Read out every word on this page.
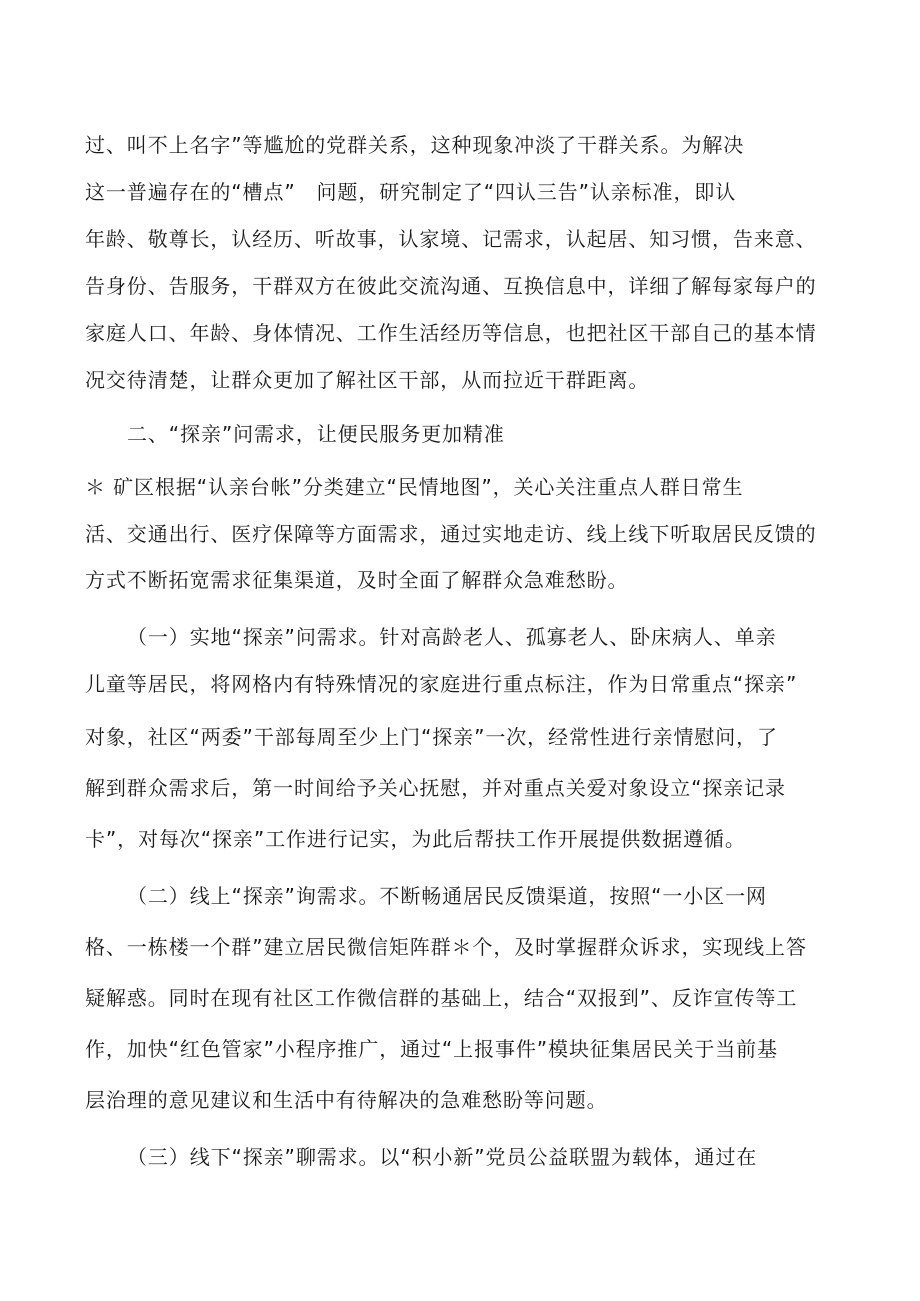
过、叫不上名字”等尴尬的党群关系，这种现象冲淡了干群关系。为解决
这一普遍存在的“槽点”　问题，研究制定了“四认三告”认亲标准，即认
年龄、敬尊长，认经历、听故事，认家境、记需求，认起居、知习惯，告来意、
告身份、告服务，干群双方在彼此交流沟通、互换信息中，详细了解每家每户的
家庭人口、年龄、身体情况、工作生活经历等信息，也把社区干部自己的基本情
况交待清楚，让群众更加了解社区干部，从而拉近干群距离。
二、“探亲”问需求，让便民服务更加精准
＊ 矿区根据“认亲台帐”分类建立“民情地图”，关心关注重点人群日常生
活、交通出行、医疗保障等方面需求，通过实地走访、线上线下听取居民反馈的
方式不断拓宽需求征集渠道，及时全面了解群众急难愁盼。
（一）实地“探亲”问需求。针对高龄老人、孤寡老人、卧床病人、单亲
儿童等居民，将网格内有特殊情况的家庭进行重点标注，作为日常重点“探亲”
对象，社区“两委”干部每周至少上门“探亲”一次，经常性进行亲情慰问，了
解到群众需求后，第一时间给予关心抚慰，并对重点关爱对象设立“探亲记录
卡”，对每次“探亲”工作进行记实，为此后帮扶工作开展提供数据遵循。
（二）线上“探亲”询需求。不断畅通居民反馈渠道，按照“一小区一网
格、一栋楼一个群”建立居民微信矩阵群＊个，及时掌握群众诉求，实现线上答
疑解惑。同时在现有社区工作微信群的基础上，结合“双报到”、反诈宣传等工
作，加快“红色管家”小程序推广，通过“上报事件”模块征集居民关于当前基
层治理的意见建议和生活中有待解决的急难愁盼等问题。
（三）线下“探亲”聊需求。以“积小新”党员公益联盟为载体，通过在
